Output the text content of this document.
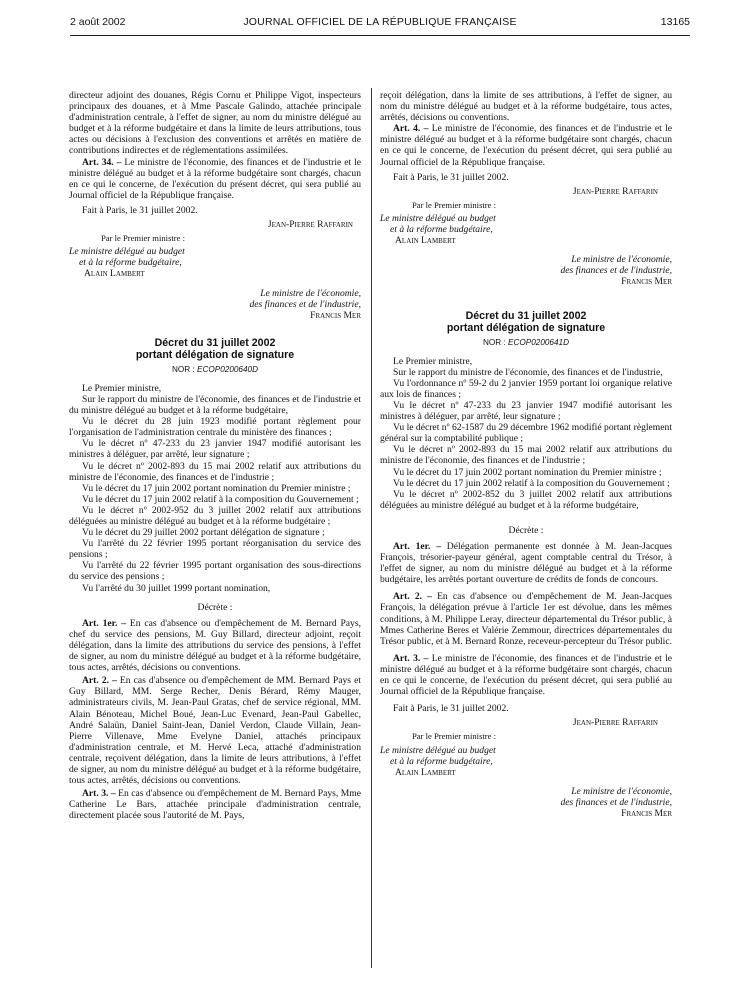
2 août 2002	JOURNAL OFFICIEL DE LA RÉPUBLIQUE FRANÇAISE	13165

directeur adjoint des douanes, Régis Cornu et Philippe Vigot, inspecteurs principaux des douanes, et à Mme Pascale Galindo, attachée principale d'administration centrale, à l'effet de signer, au nom du ministre délégué au budget et à la réforme budgétaire et dans la limite de leurs attributions, tous actes ou décisions à l'exclusion des conventions et arrêtés en matière de contributions indirectes et de réglementations assimilées.

Art. 34. – Le ministre de l'économie, des finances et de l'industrie et le ministre délégué au budget et à la réforme budgétaire sont chargés, chacun en ce qui le concerne, de l'exécution du présent décret, qui sera publié au Journal officiel de la République française.

Fait à Paris, le 31 juillet 2002.

Jean-Pierre Raffarin
Par le Premier ministre :
Le ministre délégué au budget
et à la réforme budgétaire,
Alain Lambert
Le ministre de l'économie,
des finances et de l'industrie,
Francis Mer
Décret du 31 juillet 2002
portant délégation de signature
NOR : ECOP0200640D

Le Premier ministre,

Sur le rapport du ministre de l'économie, des finances et de l'industrie et du ministre délégué au budget et à la réforme budgétaire,

Vu le décret du 28 juin 1923 modifié portant règlement pour l'organisation de l'administration centrale du ministère des finances ;

Vu le décret nº 47-233 du 23 janvier 1947 modifié autorisant les ministres à déléguer, par arrêté, leur signature ;

Vu le décret nº 2002-893 du 15 mai 2002 relatif aux attributions du ministre de l'économie, des finances et de l'industrie ;

Vu le décret du 17 juin 2002 portant nomination du Premier ministre ;

Vu le décret du 17 juin 2002 relatif à la composition du Gouvernement ;

Vu le décret nº 2002-952 du 3 juillet 2002 relatif aux attributions déléguées au ministre délégué au budget et à la réforme budgétaire ;

Vu le décret du 29 juillet 2002 portant délégation de signature ;

Vu l'arrêté du 22 février 1995 portant réorganisation du service des pensions ;

Vu l'arrêté du 22 février 1995 portant organisation des sous-directions du service des pensions ;

Vu l'arrêté du 30 juillet 1999 portant nomination,

Décrète :

Art. 1er. – En cas d'absence ou d'empêchement de M. Bernard Pays, chef du service des pensions, M. Guy Billard, directeur adjoint, reçoit délégation, dans la limite des attributions du service des pensions, à l'effet de signer, au nom du ministre délégué au budget et à la réforme budgétaire, tous actes, arrêtés, décisions ou conventions.

Art. 2. – En cas d'absence ou d'empêchement de MM. Bernard Pays et Guy Billard, MM. Serge Recher, Denis Bérard, Rémy Mauger, administrateurs civils, M. Jean-Paul Gratas, chef de service régional, MM. Alain Bénoteau, Michel Boué, Jean-Luc Evenard, Jean-Paul Gabellec, André Salaün, Daniel Saint-Jean, Daniel Verdon, Claude Villain, Jean-Pierre Villenave, Mme Evelyne Daniel, attachés principaux d'administration centrale, et M. Hervé Leca, attaché d'administration centrale, reçoivent délégation, dans la limite de leurs attributions, à l'effet de signer, au nom du ministre délégué au budget et à la réforme budgétaire, tous actes, arrêtés, décisions ou conventions.

Art. 3. – En cas d'absence ou d'empêchement de M. Bernard Pays, Mme Catherine Le Bars, attachée principale d'administration centrale, directement placée sous l'autorité de M. Pays,

reçoit délégation, dans la limite de ses attributions, à l'effet de signer, au nom du ministre délégué au budget et à la réforme budgétaire, tous actes, arrêtés, décisions ou conventions.

Art. 4. – Le ministre de l'économie, des finances et de l'industrie et le ministre délégué au budget et à la réforme budgétaire sont chargés, chacun en ce qui le concerne, de l'exécution du présent décret, qui sera publié au Journal officiel de la République française.

Fait à Paris, le 31 juillet 2002.

Jean-Pierre Raffarin
Par le Premier ministre :
Le ministre délégué au budget
et à la réforme budgétaire,
Alain Lambert
Le ministre de l'économie,
des finances et de l'industrie,
Francis Mer
Décret du 31 juillet 2002
portant délégation de signature
NOR : ECOP0200641D

Le Premier ministre,

Sur le rapport du ministre de l'économie, des finances et de l'industrie,

Vu l'ordonnance nº 59-2 du 2 janvier 1959 portant loi organique relative aux lois de finances ;

Vu le décret nº 47-233 du 23 janvier 1947 modifié autorisant les ministres à déléguer, par arrêté, leur signature ;

Vu le décret nº 62-1587 du 29 décembre 1962 modifié portant règlement général sur la comptabilité publique ;

Vu le décret nº 2002-893 du 15 mai 2002 relatif aux attributions du ministre de l'économie, des finances et de l'industrie ;

Vu le décret du 17 juin 2002 portant nomination du Premier ministre ;

Vu le décret du 17 juin 2002 relatif à la composition du Gouvernement ;

Vu le décret nº 2002-852 du 3 juillet 2002 relatif aux attributions déléguées au ministre délégué au budget et à la réforme budgétaire,

Décrète :

Art. 1er. – Délégation permanente est donnée à M. Jean-Jacques François, trésorier-payeur général, agent comptable central du Trésor, à l'effet de signer, au nom du ministre délégué au budget et à la réforme budgétaire, les arrêtés portant ouverture de crédits de fonds de concours.

Art. 2. – En cas d'absence ou d'empêchement de M. Jean-Jacques François, la délégation prévue à l'article 1er est dévolue, dans les mêmes conditions, à M. Philippe Leray, directeur départemental du Trésor public, à Mmes Catherine Beres et Valérie Zemmour, directrices départementales du Trésor public, et à M. Bernard Ronze, receveur-percepteur du Trésor public.

Art. 3. – Le ministre de l'économie, des finances et de l'industrie et le ministre délégué au budget et à la réforme budgétaire sont chargés, chacun en ce qui le concerne, de l'exécution du présent décret, qui sera publié au Journal officiel de la République française.

Fait à Paris, le 31 juillet 2002.

Jean-Pierre Raffarin
Par le Premier ministre :
Le ministre délégué au budget
et à la réforme budgétaire,
Alain Lambert
Le ministre de l'économie,
des finances et de l'industrie,
Francis Mer
